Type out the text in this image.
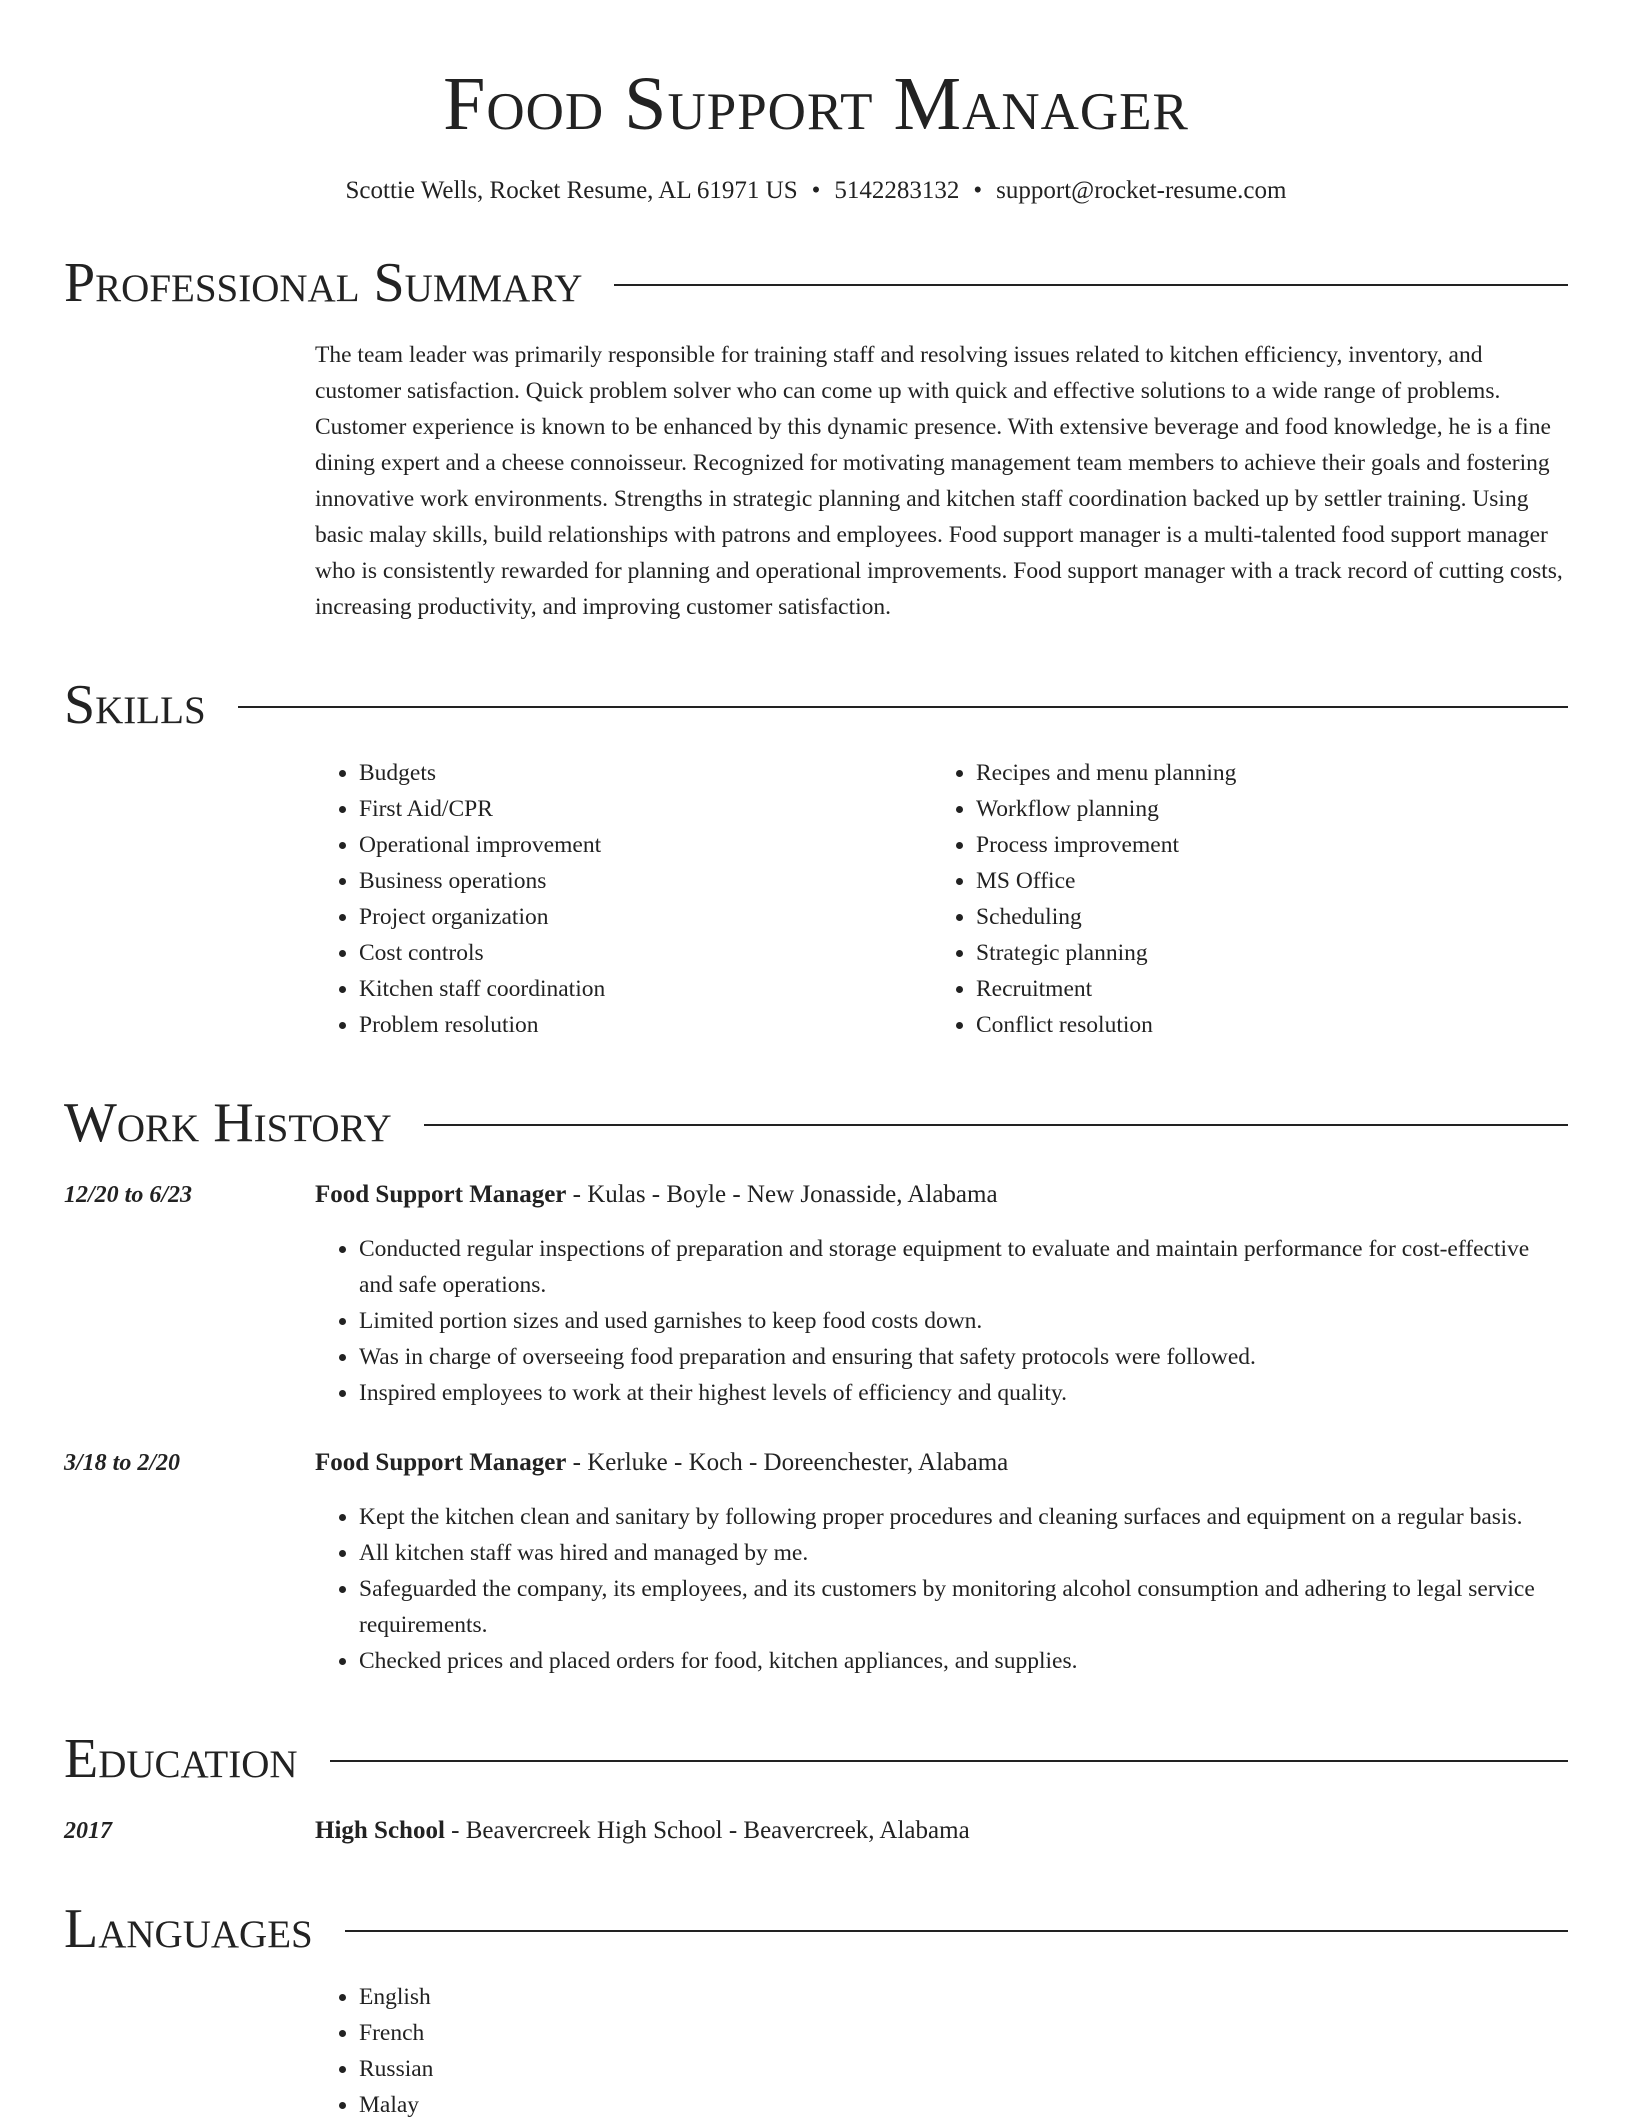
Food Support Manager
Scottie Wells, Rocket Resume, AL 61971 US • 5142283132 • support@rocket-resume.com
Professional Summary

The team leader was primarily responsible for training staff and resolving issues related to kitchen efficiency, inventory, and customer satisfaction. Quick problem solver who can come up with quick and effective solutions to a wide range of problems. Customer experience is known to be enhanced by this dynamic presence. With extensive beverage and food knowledge, he is a fine dining expert and a cheese connoisseur. Recognized for motivating management team members to achieve their goals and fostering innovative work environments. Strengths in strategic planning and kitchen staff coordination backed up by settler training. Using basic malay skills, build relationships with patrons and employees. Food support manager is a multi-talented food support manager who is consistently rewarded for planning and operational improvements. Food support manager with a track record of cutting costs, increasing productivity, and improving customer satisfaction.

Skills
• Budgets
• First Aid/CPR
• Operational improvement
• Business operations
• Project organization
• Cost controls
• Kitchen staff coordination
• Problem resolution
• Recipes and menu planning
• Workflow planning
• Process improvement
• MS Office
• Scheduling
• Strategic planning
• Recruitment
• Conflict resolution
Work History
12/20 to 6/23	Food Support Manager - Kulas - Boyle - New Jonasside, Alabama
• Conducted regular inspections of preparation and storage equipment to evaluate and maintain performance for cost-effective and safe operations.
• Limited portion sizes and used garnishes to keep food costs down.
• Was in charge of overseeing food preparation and ensuring that safety protocols were followed.
• Inspired employees to work at their highest levels of efficiency and quality.
3/18 to 2/20	Food Support Manager - Kerluke - Koch - Doreenchester, Alabama
• Kept the kitchen clean and sanitary by following proper procedures and cleaning surfaces and equipment on a regular basis.
• All kitchen staff was hired and managed by me.
• Safeguarded the company, its employees, and its customers by monitoring alcohol consumption and adhering to legal service requirements.
• Checked prices and placed orders for food, kitchen appliances, and supplies.
Education
2017	High School - Beavercreek High School - Beavercreek, Alabama
Languages
• English
• French
• Russian
• Malay
